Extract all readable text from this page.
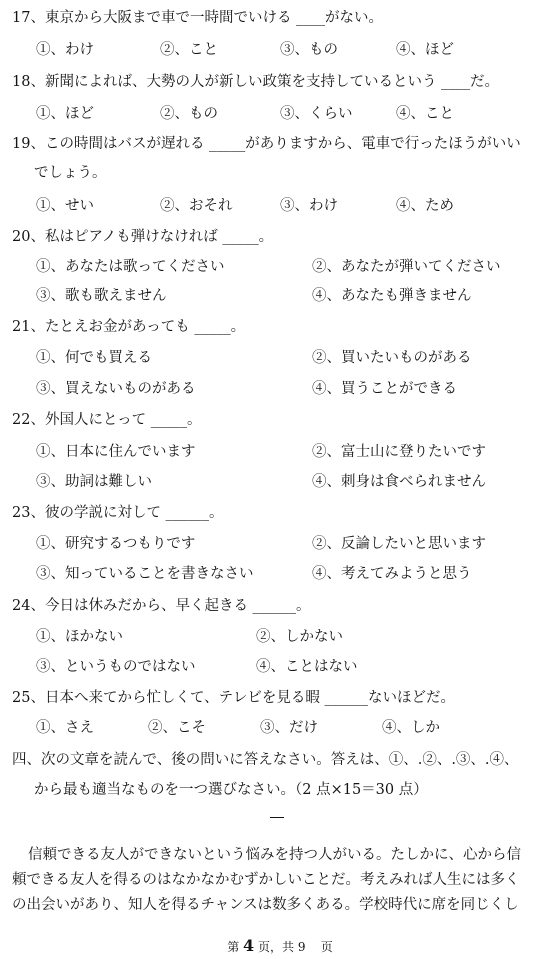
17、東京から大阪まで車で一時間でいける ____がない。
①、わけ	②、こと	③、もの	④、ほど
18、新聞によれば、大勢の人が新しい政策を支持しているという ____だ。
①、ほど	②、もの	③、くらい	④、こと
19、この時間はバスが遅れる _____がありますから、電車で行ったほうがいい
でしょう。
①、せい	②、おそれ	③、わけ	④、ため
20、私はピアノも弾けなければ _____。
①、あなたは歌ってください	②、あなたが弾いてください
③、歌も歌えません	④、あなたも弾きません
21、たとえお金があっても _____。
①、何でも買える	②、買いたいものがある
③、買えないものがある	④、買うことができる
22、外国人にとって _____。
①、日本に住んでいます	②、富士山に登りたいです
③、助詞は難しい	④、刺身は食べられません
23、彼の学説に対して ______。
①、研究するつもりです	②、反論したいと思います
③、知っていることを書きなさい	④、考えてみようと思う
24、今日は休みだから、早く起きる ______。
①、ほかない	②、しかない
③、というものではない	④、ことはない
25、日本へ来てから忙しくて、テレビを見る暇 ______ないほどだ。
①、さえ	②、こそ	③、だけ	④、しか
四、次の文章を読んで、後の問いに答えなさい。答えは、①、.②、.③、.④、
から最も適当なものを一つ選びなさい。（2 点×15＝30 点）
信頼できる友人ができないという悩みを持つ人がいる。たしかに、心から信
頼できる友人を得るのはなかなかむずかしいことだ。考えみれば人生には多く
の出会いがあり、知人を得るチャンスは数多くある。学校時代に席を同じくし
第 4 页，共 9 页
